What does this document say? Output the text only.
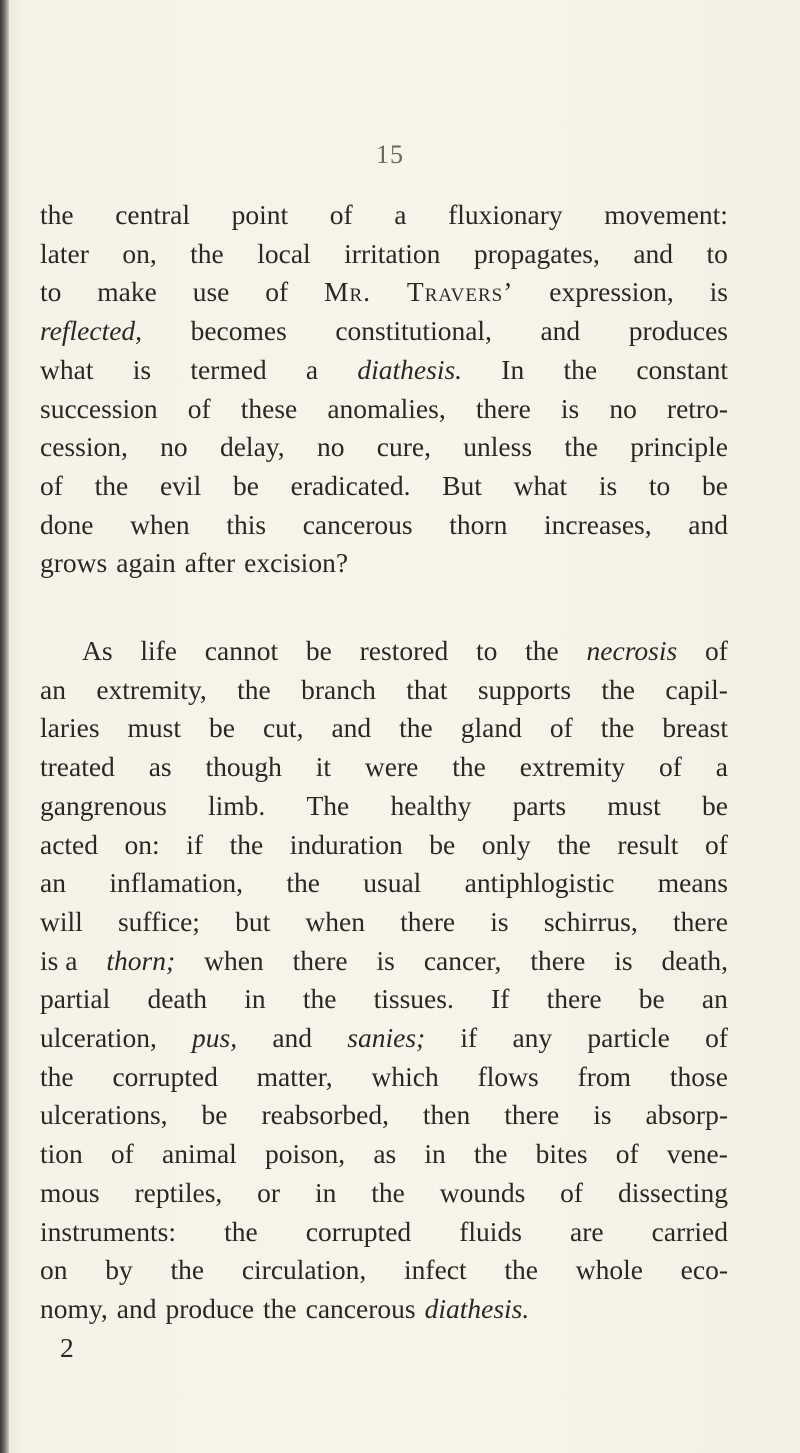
15
the central point of a fluxionary movement:
later on, the local irritation propagates, and to
to make use of Mr. Travers’ expression, is
reflected, becomes constitutional, and produces
what is termed a diathesis. In the constant
succession of these anomalies, there is no retro-
cession, no delay, no cure, unless the principle
of the evil be eradicated. But what is to be
done when this cancerous thorn increases, and
grows again after excision?
As life cannot be restored to the necrosis of
an extremity, the branch that supports the capil-
laries must be cut, and the gland of the breast
treated as though it were the extremity of a
gangrenous limb. The healthy parts must be
acted on: if the induration be only the result of
an inflamation, the usual antiphlogistic means
will suffice; but when there is schirrus, there
is a thorn; when there is cancer, there is death,
partial death in the tissues. If there be an
ulceration, pus, and sanies; if any particle of
the corrupted matter, which flows from those
ulcerations, be reabsorbed, then there is absorp-
tion of animal poison, as in the bites of vene-
mous reptiles, or in the wounds of dissecting
instruments: the corrupted fluids are carried
on by the circulation, infect the whole eco-
nomy, and produce the cancerous diathesis.
2
